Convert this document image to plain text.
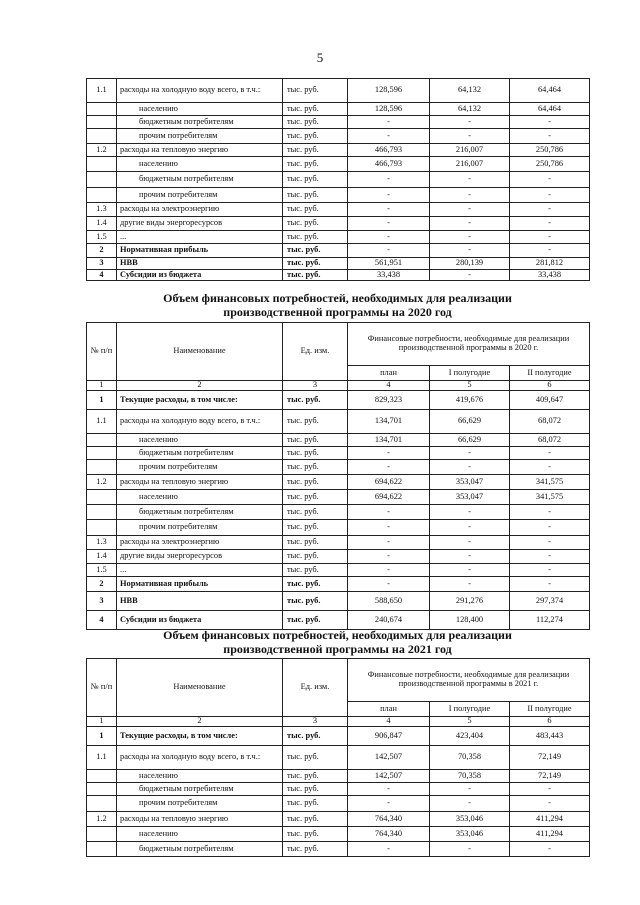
5
1.1	расходы на холодную воду всего, в т.ч.:	тыс. руб.	128,596	64,132	64,464
	населению	тыс. руб.	128,596	64,132	64,464
	бюджетным потребителям	тыс. руб.	-	-	-
	прочим потребителям	тыс. руб.	-	-	-
1.2	расходы на тепловую энергию	тыс. руб.	466,793	216,007	250,786
	населению	тыс. руб.	466,793	216,007	250,786
	бюджетным потребителям	тыс. руб.	-	-	-
	прочим потребителям	тыс. руб.	-	-	-
1.3	расходы на электроэнергию	тыс. руб.	-	-	-
1.4	другие виды энергоресурсов	тыс. руб.	-	-	-
1.5	...	тыс. руб.	-	-	-
2	Нормативная прибыль	тыс. руб.	-	-	-
3	НВВ	тыс. руб.	561,951	280,139	281,812
4	Субсидии из бюджета	тыс. руб.	33,438	-	33,438
Объем финансовых потребностей, необходимых для реализации
производственной программы на 2020 год
№ п/п	Наименование	Ед. изм.	Финансовые потребности, необходимые для реализации производственной программы в 2020 г.		
			план	I полугодие	II полугодие
1	2	3	4	5	6
1	Текущие расходы, в том числе:	тыс. руб.	829,323	419,676	409,647
1.1	расходы на холодную воду всего, в т.ч.:	тыс. руб.	134,701	66,629	68,072
	населению	тыс. руб.	134,701	66,629	68,072
	бюджетным потребителям	тыс. руб.	-	-	-
	прочим потребителям	тыс. руб.	-	-	-
1.2	расходы на тепловую энергию	тыс. руб.	694,622	353,047	341,575
	населению	тыс. руб.	694,622	353,047	341,575
	бюджетным потребителям	тыс. руб.	-	-	-
	прочим потребителям	тыс. руб.	-	-	-
1.3	расходы на электроэнергию	тыс. руб.	-	-	-
1.4	другие виды энергоресурсов	тыс. руб.	-	-	-
1.5	...	тыс. руб.	-	-	-
2	Нормативная прибыль	тыс. руб.	-	-	-
3	НВВ	тыс. руб.	588,650	291,276	297,374
4	Субсидии из бюджета	тыс. руб.	240,674	128,400	112,274
Объем финансовых потребностей, необходимых для реализации
производственной программы на 2021 год
№ п/п	Наименование	Ед. изм.	Финансовые потребности, необходимые для реализации производственной программы в 2021 г.		
			план	I полугодие	II полугодие
1	2	3	4	5	6
1	Текущие расходы, в том числе:	тыс. руб.	906,847	423,404	483,443
1.1	расходы на холодную воду всего, в т.ч.:	тыс. руб.	142,507	70,358	72,149
	населению	тыс. руб.	142,507	70,358	72,149
	бюджетным потребителям	тыс. руб.	-	-	-
	прочим потребителям	тыс. руб.	-	-	-
1.2	расходы на тепловую энергию	тыс. руб.	764,340	353,046	411,294
	населению	тыс. руб.	764,340	353,046	411,294
	бюджетным потребителям	тыс. руб.	-	-	-
